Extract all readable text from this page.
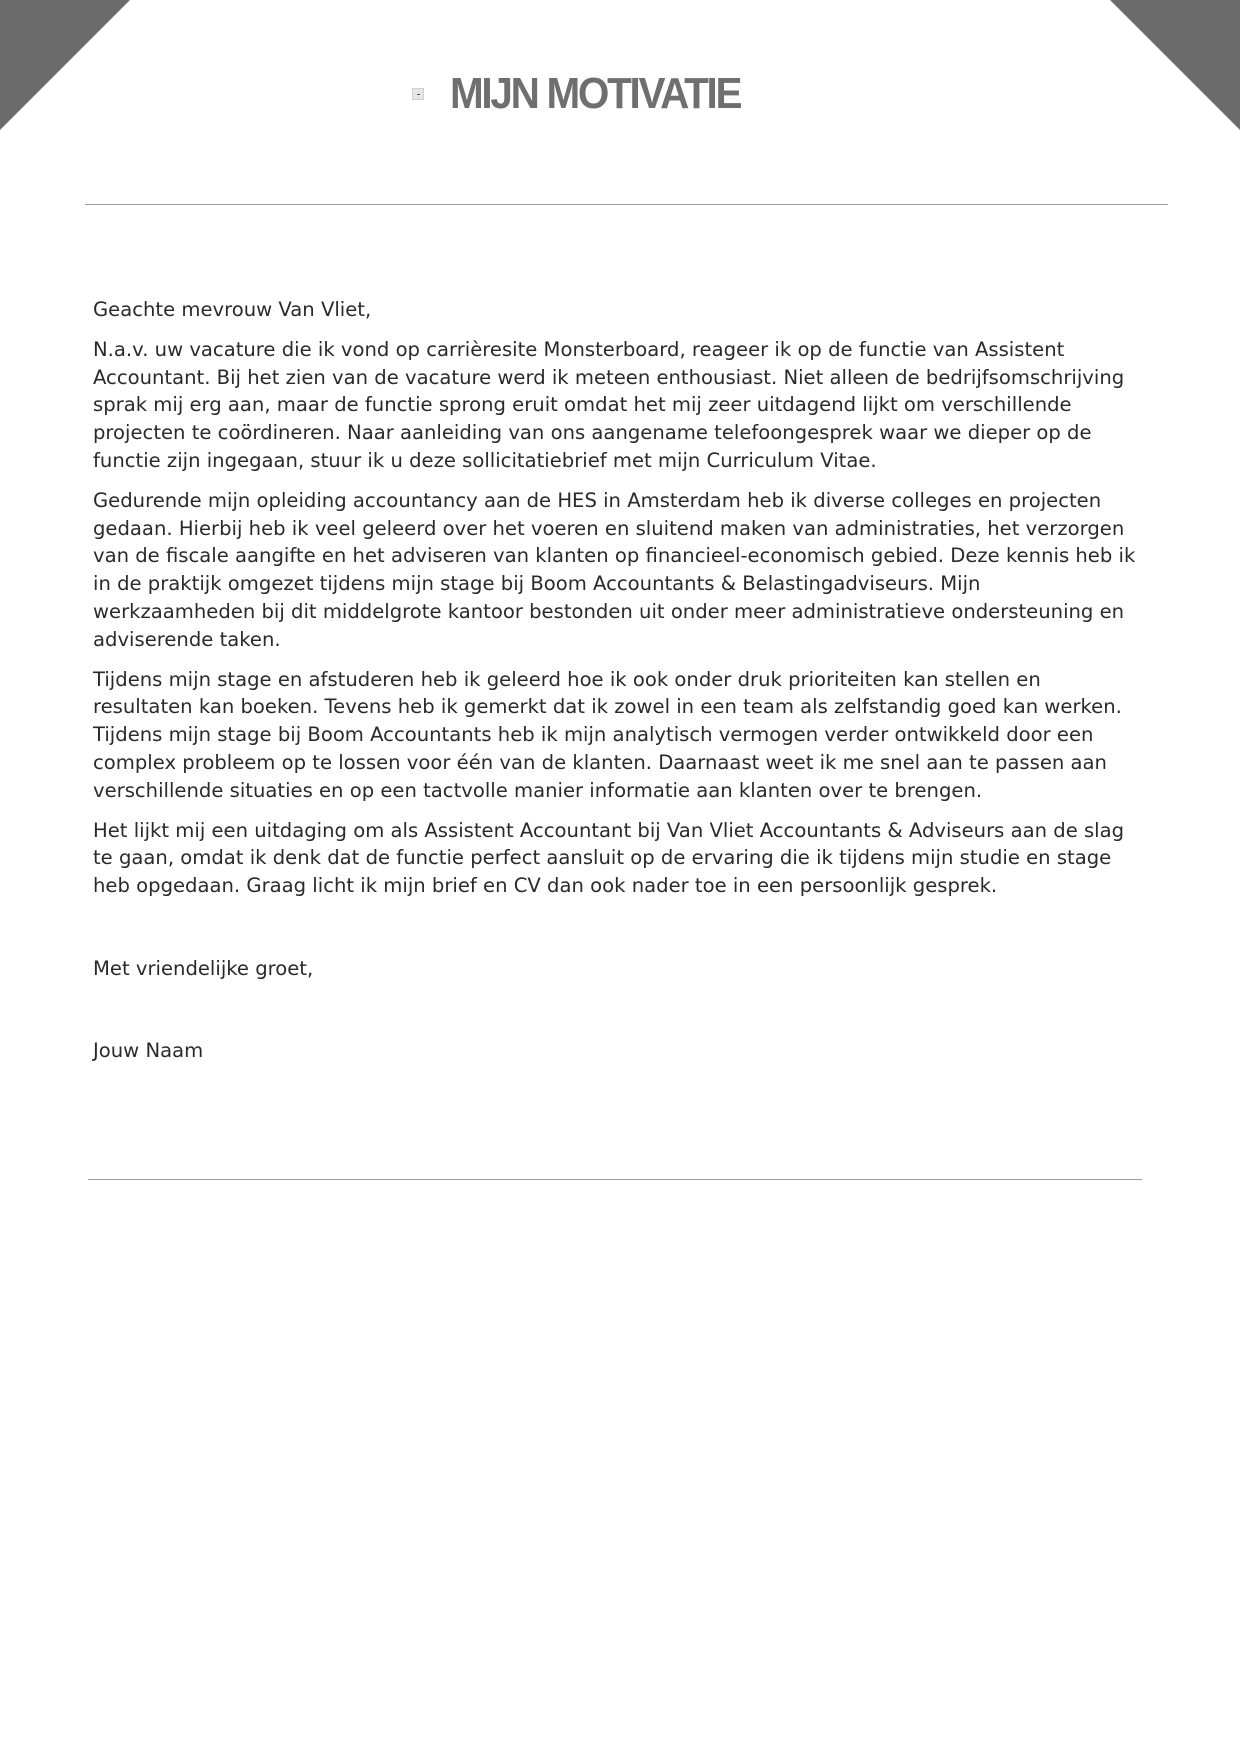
MIJN MOTIVATIE

Geachte mevrouw Van Vliet,

N.a.v. uw vacature die ik vond op carrièresite Monsterboard, reageer ik op de functie van Assistent Accountant. Bij het zien van de vacature werd ik meteen enthousiast. Niet alleen de bedrijfsomschrijving sprak mij erg aan, maar de functie sprong eruit omdat het mij zeer uitdagend lijkt om verschillende projecten te coördineren. Naar aanleiding van ons aangename telefoongesprek waar we dieper op de functie zijn ingegaan, stuur ik u deze sollicitatiebrief met mijn Curriculum Vitae.

Gedurende mijn opleiding accountancy aan de HES in Amsterdam heb ik diverse colleges en projecten gedaan. Hierbij heb ik veel geleerd over het voeren en sluitend maken van administraties, het verzorgen van de fiscale aangifte en het adviseren van klanten op financieel-economisch gebied. Deze kennis heb ik in de praktijk omgezet tijdens mijn stage bij Boom Accountants & Belastingadviseurs. Mijn werkzaamheden bij dit middelgrote kantoor bestonden uit onder meer administratieve ondersteuning en adviserende taken.

Tijdens mijn stage en afstuderen heb ik geleerd hoe ik ook onder druk prioriteiten kan stellen en resultaten kan boeken. Tevens heb ik gemerkt dat ik zowel in een team als zelfstandig goed kan werken. Tijdens mijn stage bij Boom Accountants heb ik mijn analytisch vermogen verder ontwikkeld door een complex probleem op te lossen voor één van de klanten. Daarnaast weet ik me snel aan te passen aan verschillende situaties en op een tactvolle manier informatie aan klanten over te brengen.

Het lijkt mij een uitdaging om als Assistent Accountant bij Van Vliet Accountants & Adviseurs aan de slag te gaan, omdat ik denk dat de functie perfect aansluit op de ervaring die ik tijdens mijn studie en stage heb opgedaan. Graag licht ik mijn brief en CV dan ook nader toe in een persoonlijk gesprek.

Met vriendelijke groet,

Jouw Naam
